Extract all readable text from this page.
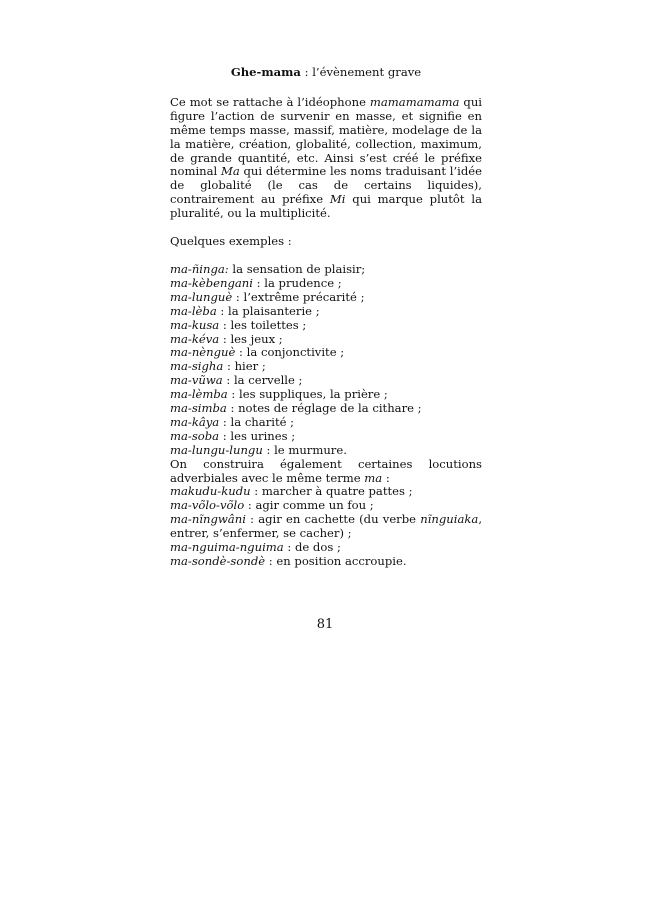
Ghe-mama : l’évènement grave

Ce mot se rattache à l’idéophone mamamamama qui figure l’action de survenir en masse, et signifie en même temps masse, massif, matière, modelage de la la matière, création, globalité, collection, maximum, de grande quantité, etc. Ainsi s’est créé le préfixe nominal Ma qui détermine les noms traduisant l’idée de globalité (le cas de certains liquides), contrairement au préfixe Mi qui marque plutôt la pluralité, ou la multiplicité.

Quelques exemples :

ma-ñinga: la sensation de plaisir;
ma-kèbengani : la prudence ;
ma-lunguè : l’extrême précarité ;
ma-lèba : la plaisanterie ;
ma-kusa : les toilettes ;
ma-kéva : les jeux ;
ma-nènguè : la conjonctivite ;
ma-sigha : hier ;
ma-vũwa : la cervelle ;
ma-lèmba : les suppliques, la prière ;
ma-simba : notes de réglage de la cithare ;
ma-kâya : la charité ;
ma-soba : les urines ;
ma-lungu-lungu : le murmure.

On construira également certaines locutions adverbiales avec le même terme ma :

makudu-kudu : marcher à quatre pattes ;
ma-võlo-võlo : agir comme un fou ;
ma-nĩngwâni : agir en cachette (du verbe nĩnguiaka, entrer, s’enfermer, se cacher) ;
ma-nguima-nguima : de dos ;
ma-sondè-sondè : en position accroupie.
81
